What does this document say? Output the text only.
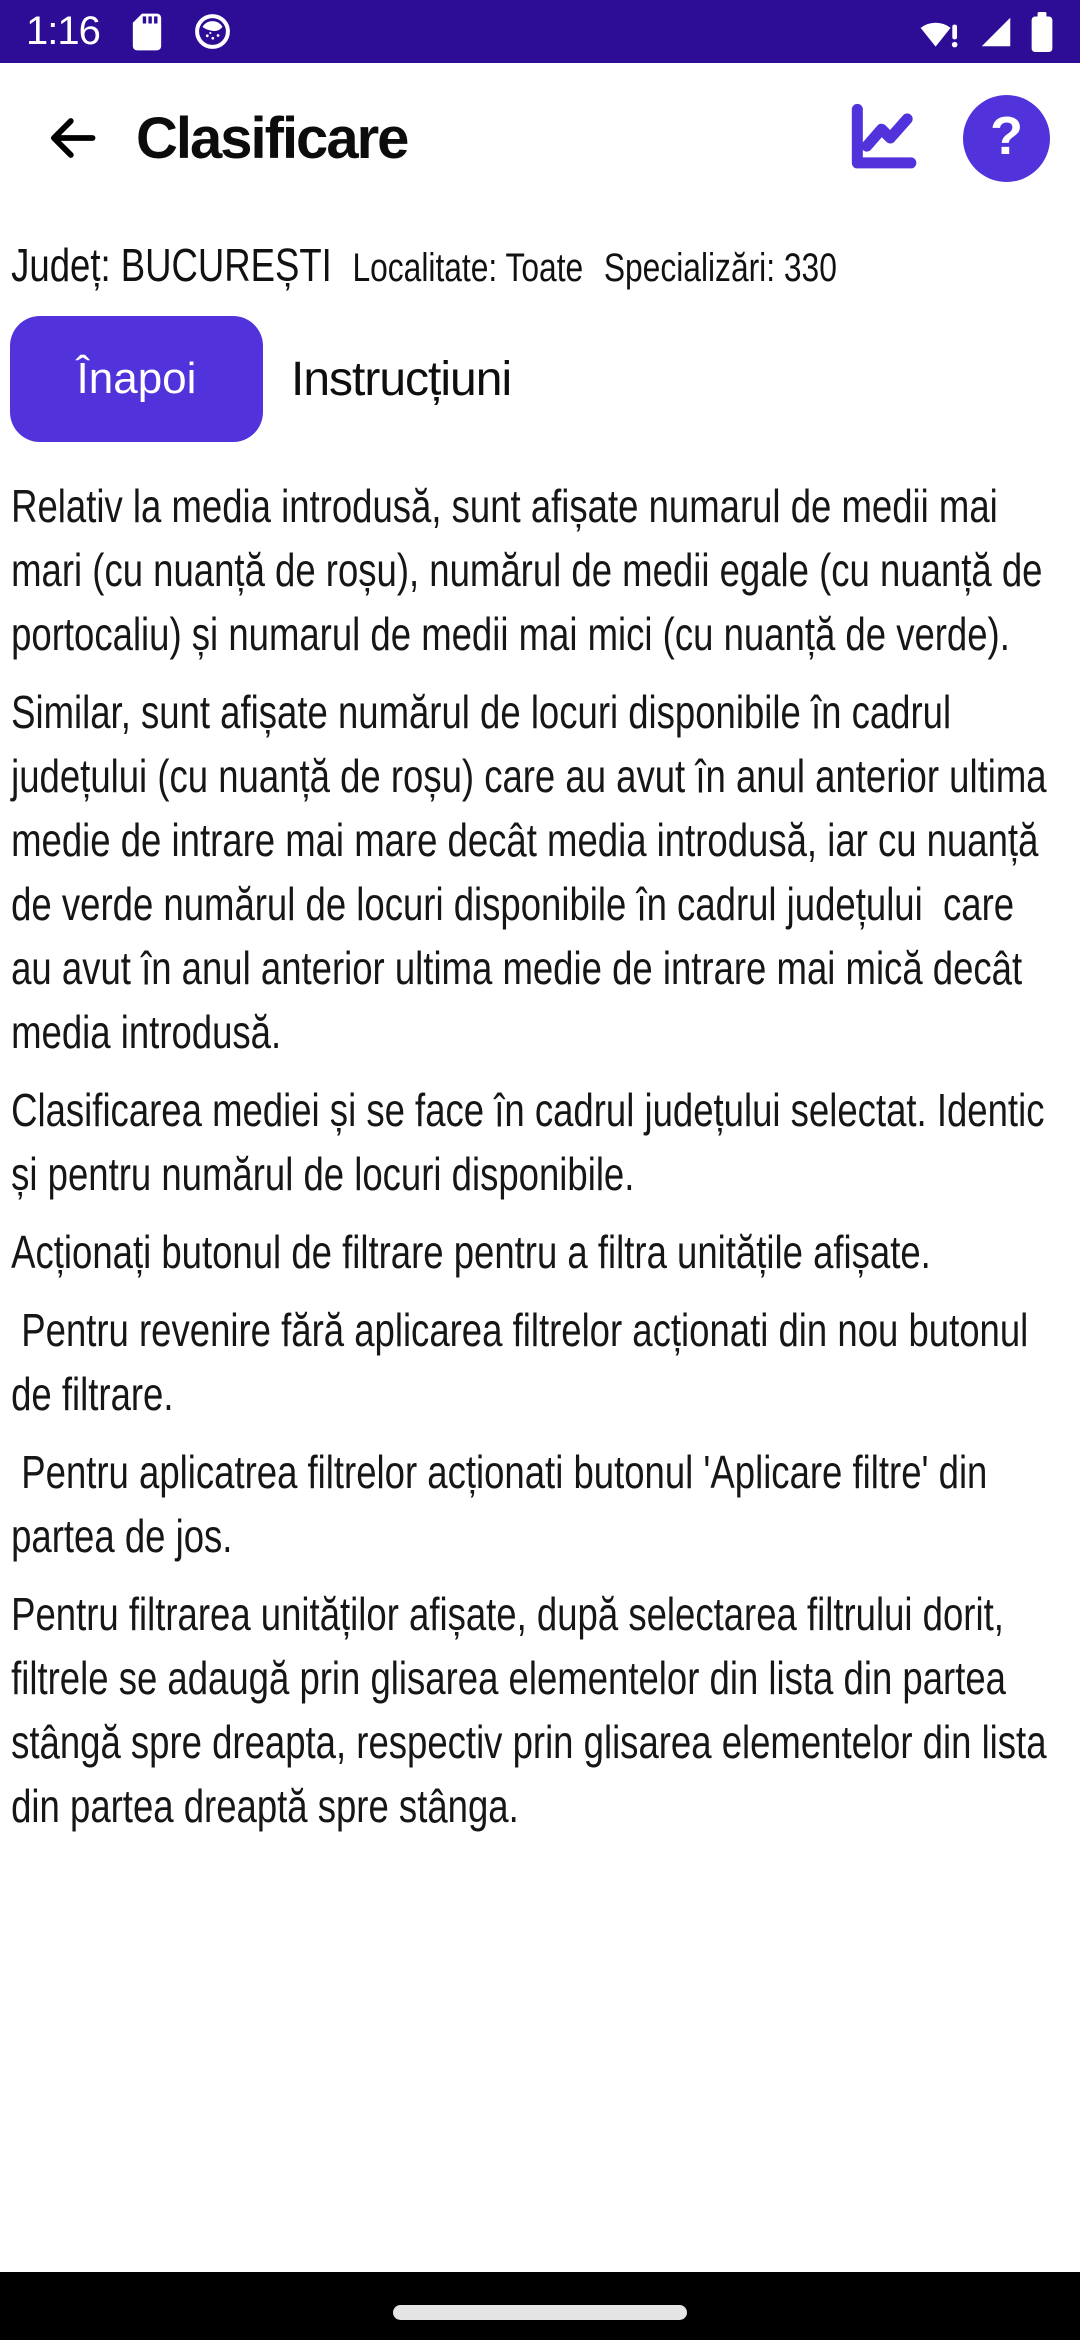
1:16
Clasificare	?
Județ: BUCUREȘTI Localitate: Toate Specializări: 330
Înapoi Instrucțiuni

Relativ la media introdusă, sunt afișate numarul de medii mai mari (cu nuanță de roșu), numărul de medii egale (cu nuanță de portocaliu) și numarul de medii mai mici (cu nuanță de verde).

Similar, sunt afișate numărul de locuri disponibile în cadrul județului (cu nuanță de roșu) care au avut în anul anterior ultima medie de intrare mai mare decât media introdusă, iar cu nuanță de verde numărul de locuri disponibile în cadrul județului  care au avut în anul anterior ultima medie de intrare mai mică decât media introdusă.

Clasificarea mediei și se face în cadrul județului selectat. Identic și pentru numărul de locuri disponibile.

Acționați butonul de filtrare pentru a filtra unitățile afișate.

Pentru revenire fără aplicarea filtrelor acționati din nou butonul de filtrare.

Pentru aplicatrea filtrelor acționati butonul 'Aplicare filtre' din partea de jos.

Pentru filtrarea unităților afișate, după selectarea filtrului dorit, filtrele se adaugă prin glisarea elementelor din lista din partea stângă spre dreapta, respectiv prin glisarea elementelor din lista din partea dreaptă spre stânga.
